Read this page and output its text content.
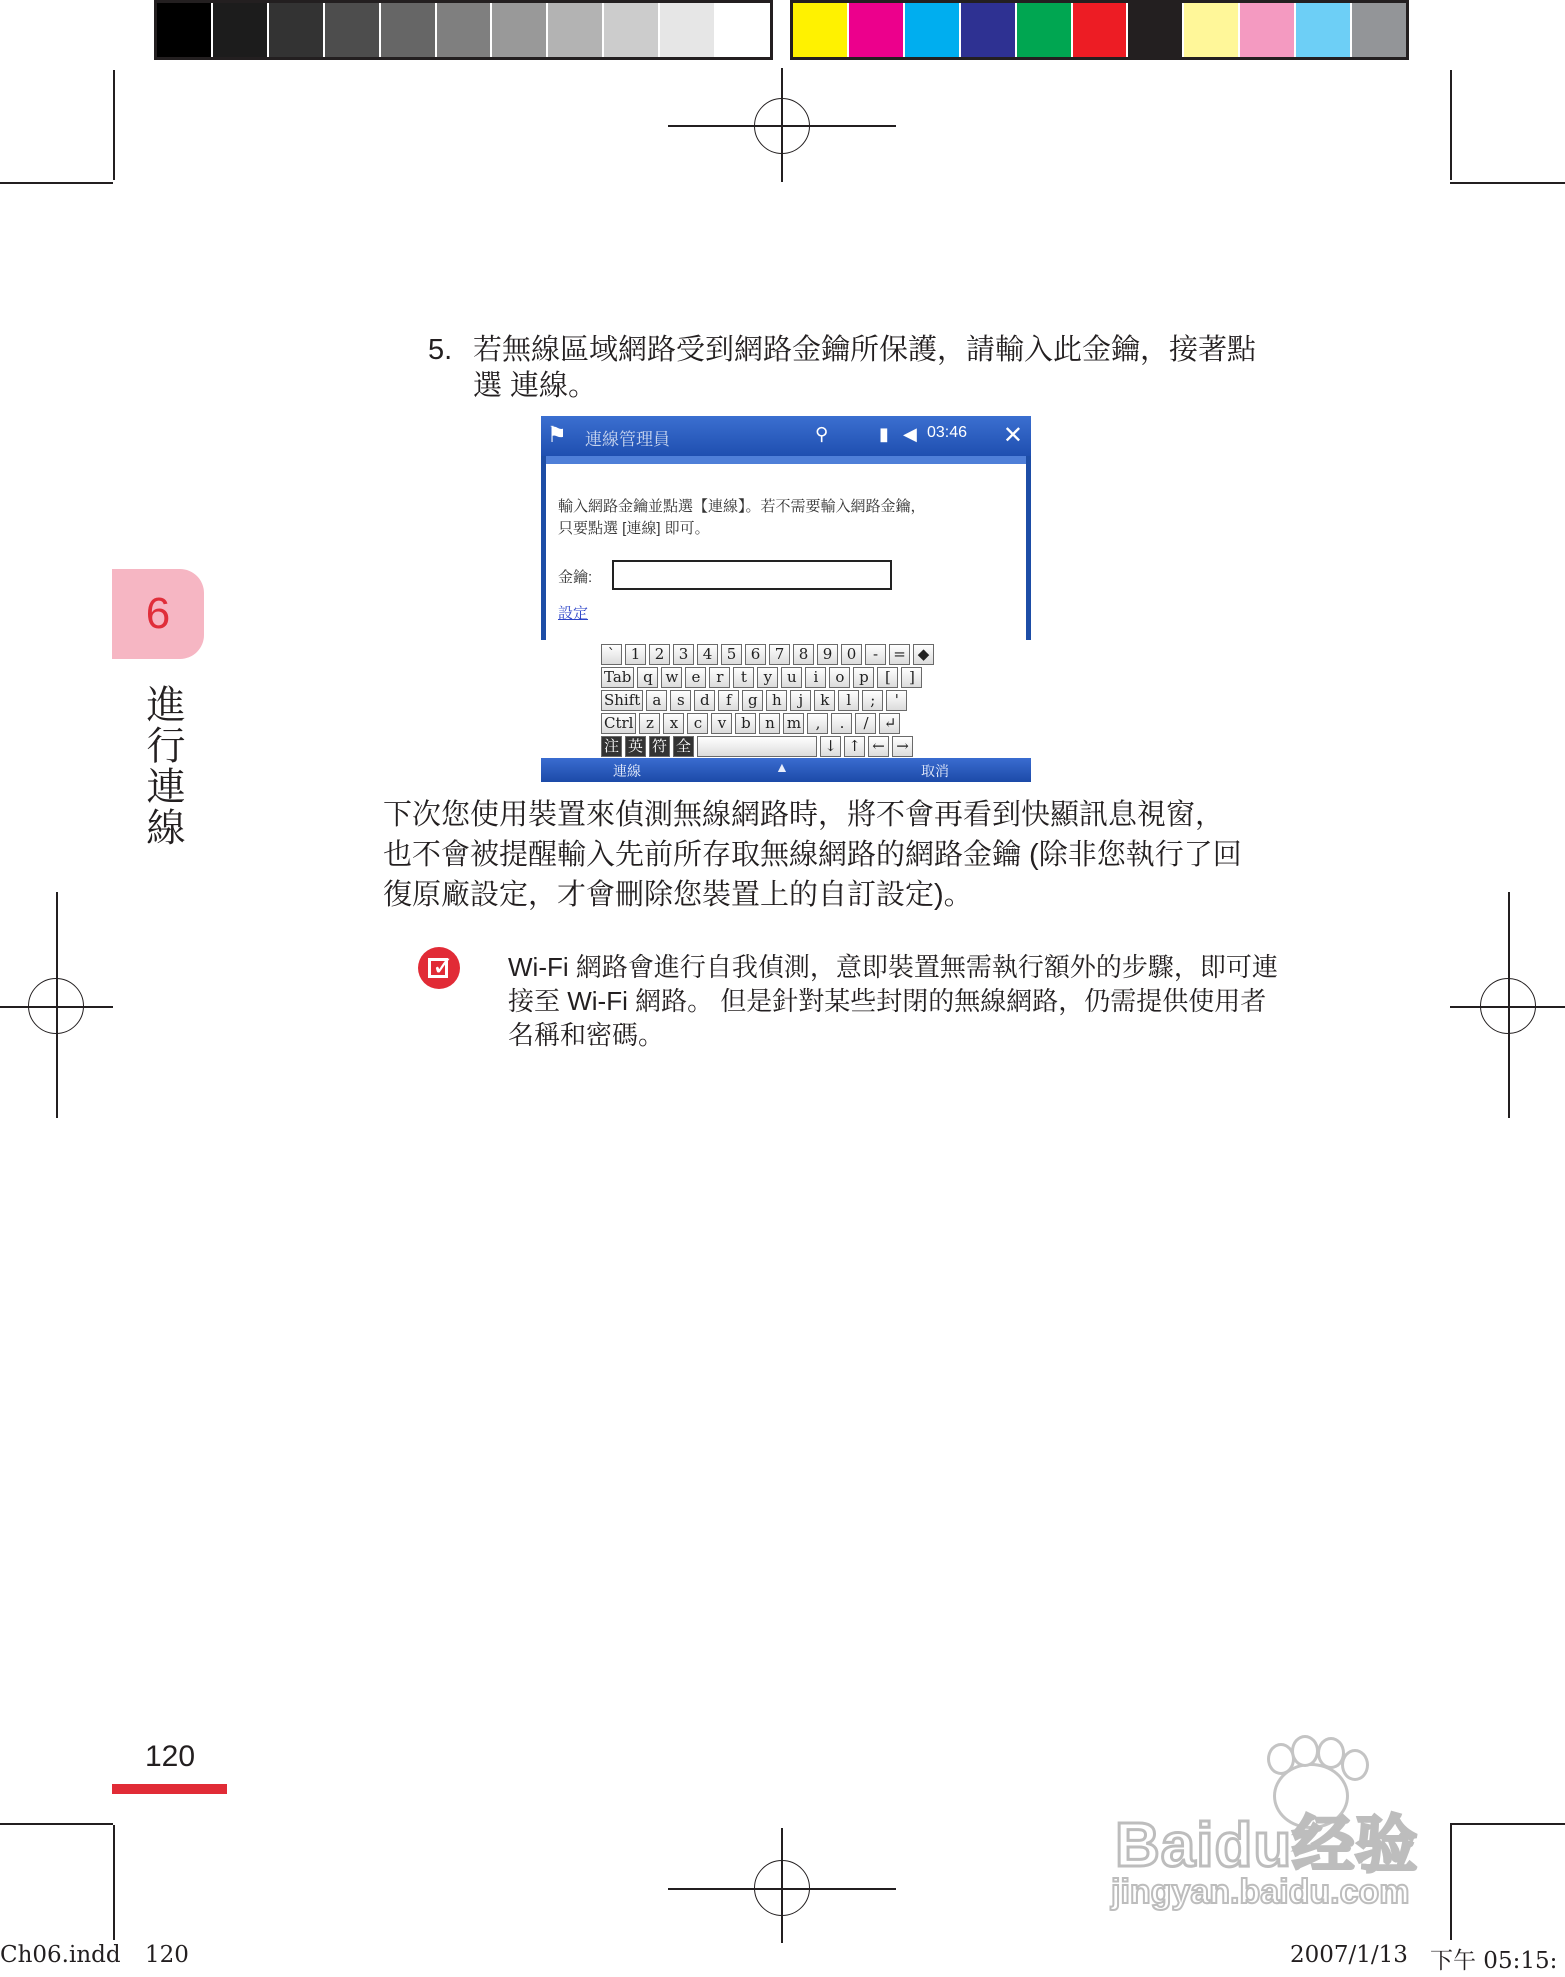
5. 若無線區域網路受到網路金鑰所保護，請輸入此金鑰，接著點
選 連線。
6
進行連線
⚑	連線管理員	⚲	▮ ◀ 03:46 ✕
輸入網路金鑰並點選【連線】。若不需要輸入網路金鑰，
只要點選 [連線] 即可。
金鑰:
設定
`	1 2 3 4 5 6 7 8 9 0	-	= ◆
Tab q w e	r	t	y u	i	o p	[	]
Shift a	s	d	f	g h	j	k	l	;	'
Ctrl z	x	c	v b n m ,	.	/	↵
注 英 符 全	↓ ↑ ← →
連線	▲	取消
下次您使用裝置來偵測無線網路時，將不會再看到快顯訊息視窗，
也不會被提醒輸入先前所存取無線網路的網路金鑰 (除非您執行了回
復原廠設定，才會刪除您裝置上的自訂設定)。
✓ Wi-Fi 網路會進行自我偵測，意即裝置無需執行額外的步驟，即可連
接至 Wi-Fi 網路。 但是針對某些封閉的無線網路，仍需提供使用者
名稱和密碼。
120
Baidu经验
jingyan.baidu.com
Ch06.indd 120	2007/1/13 下午 05:15:
